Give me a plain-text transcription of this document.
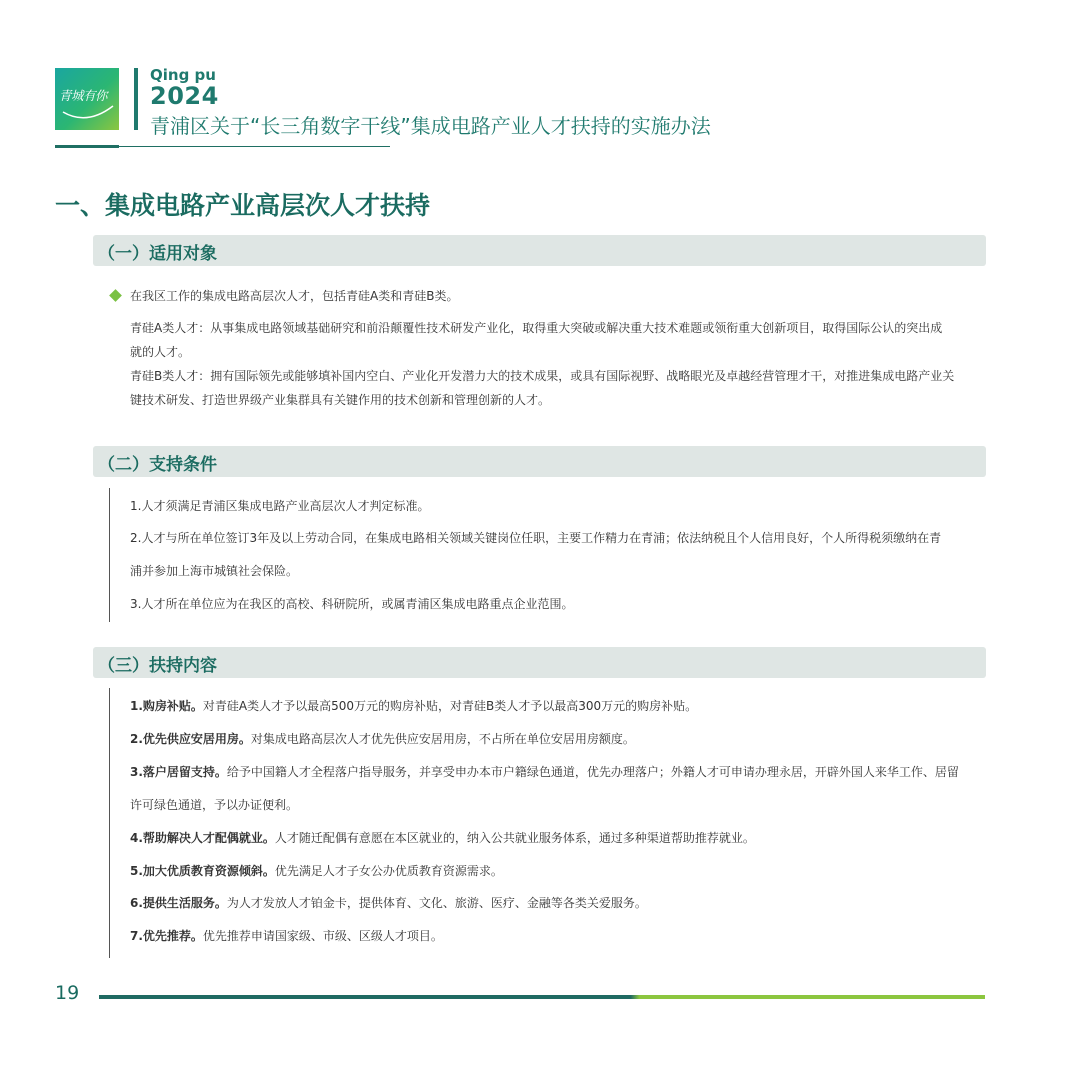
青城有你
Qing pu
2024
青浦区关于“长三角数字干线”集成电路产业人才扶持的实施办法
一、集成电路产业高层次人才扶持
（一）适用对象
在我区工作的集成电路高层次人才，包括青硅A类和青硅B类。
青硅A类人才：从事集成电路领域基础研究和前沿颠覆性技术研发产业化，取得重大突破或解决重大技术难题或领衔重大创新项目，取得国际公认的突出成
就的人才。
青硅B类人才：拥有国际领先或能够填补国内空白、产业化开发潜力大的技术成果，或具有国际视野、战略眼光及卓越经营管理才干，对推进集成电路产业关
键技术研发、打造世界级产业集群具有关键作用的技术创新和管理创新的人才。
（二）支持条件
1.人才须满足青浦区集成电路产业高层次人才判定标准。
2.人才与所在单位签订3年及以上劳动合同，在集成电路相关领域关键岗位任职，主要工作精力在青浦；依法纳税且个人信用良好，个人所得税须缴纳在青
浦并参加上海市城镇社会保险。
3.人才所在单位应为在我区的高校、科研院所，或属青浦区集成电路重点企业范围。
（三）扶持内容
1.购房补贴。对青硅A类人才予以最高500万元的购房补贴，对青硅B类人才予以最高300万元的购房补贴。
2.优先供应安居用房。对集成电路高层次人才优先供应安居用房，不占所在单位安居用房额度。
3.落户居留支持。给予中国籍人才全程落户指导服务，并享受申办本市户籍绿色通道，优先办理落户；外籍人才可申请办理永居，开辟外国人来华工作、居留
许可绿色通道，予以办证便利。
4.帮助解决人才配偶就业。人才随迁配偶有意愿在本区就业的，纳入公共就业服务体系，通过多种渠道帮助推荐就业。
5.加大优质教育资源倾斜。优先满足人才子女公办优质教育资源需求。
6.提供生活服务。为人才发放人才铂金卡，提供体育、文化、旅游、医疗、金融等各类关爱服务。
7.优先推荐。优先推荐申请国家级、市级、区级人才项目。
19
